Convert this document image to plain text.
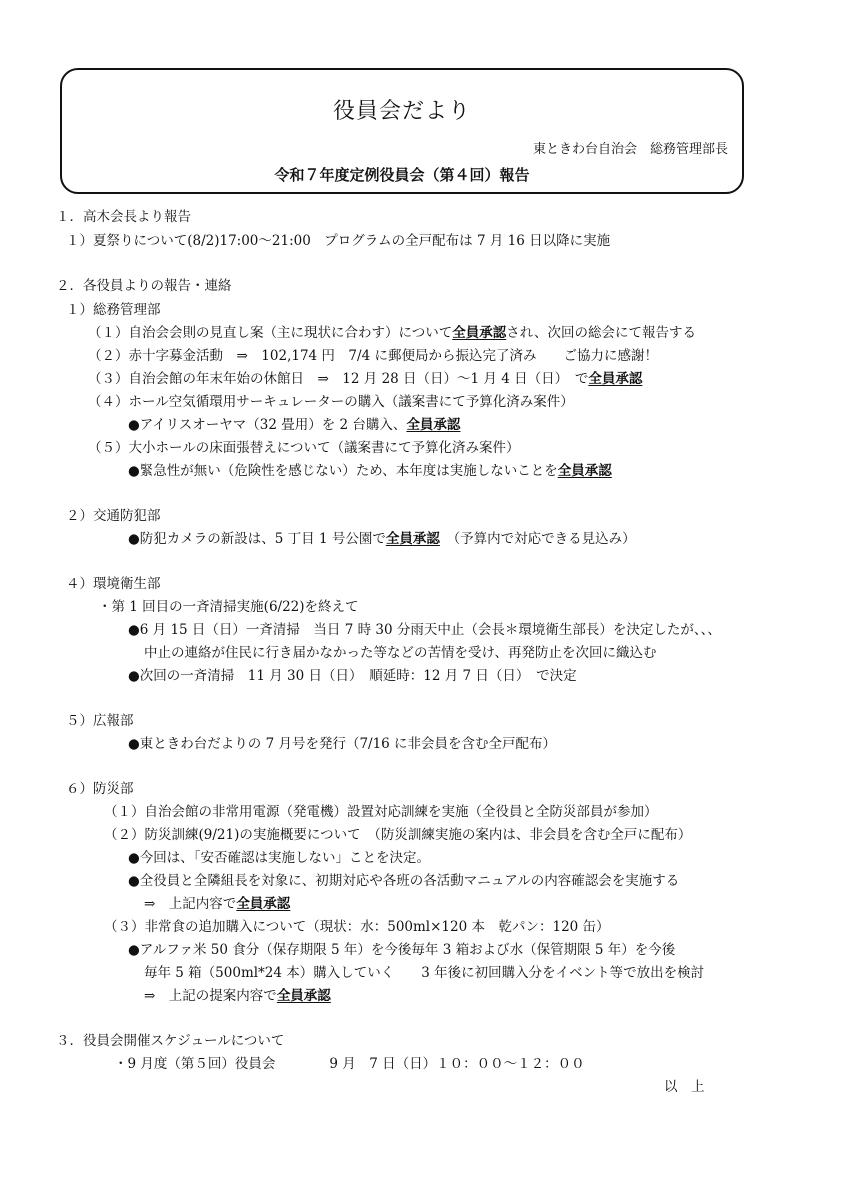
役員会だより
東ときわ台自治会　総務管理部長
令和７年度定例役員会（第４回）報告
１．高木会長より報告
１）夏祭りについて(8/2)17:00～21:00　プログラムの全戸配布は 7 月 16 日以降に実施
２．各役員よりの報告・連絡
１）総務管理部
（１）自治会会則の見直し案（主に現状に合わす）について全員承認され、次回の総会にて報告する
（２）赤十字募金活動　⇒　102,174 円　7/4 に郵便局から振込完了済み　　ご協力に感謝！
（３）自治会館の年末年始の休館日　⇒　12 月 28 日（日）～1 月 4 日（日）　で全員承認
（４）ホール空気循環用サーキュレーターの購入（議案書にて予算化済み案件）
●アイリスオーヤマ（32 畳用）を 2 台購入、全員承認
（５）大小ホールの床面張替えについて（議案書にて予算化済み案件）
●緊急性が無い（危険性を感じない）ため、本年度は実施しないことを全員承認
２）交通防犯部
●防犯カメラの新設は、5 丁目 1 号公園で全員承認　（予算内で対応できる見込み）
４）環境衛生部
・第 1 回目の一斉清掃実施(6/22)を終えて
●6 月 15 日（日）一斉清掃　当日 7 時 30 分雨天中止（会長＊環境衛生部長）を決定したが、、、
中止の連絡が住民に行き届かなかった等などの苦情を受け、再発防止を次回に織込む
●次回の一斉清掃　11 月 30 日（日）　順延時：12 月 7 日（日）　で決定
５）広報部
●東ときわ台だよりの 7 月号を発行（7/16 に非会員を含む全戸配布）
６）防災部
（１）自治会館の非常用電源（発電機）設置対応訓練を実施（全役員と全防災部員が参加）
（２）防災訓練(9/21)の実施概要について　（防災訓練実施の案内は、非会員を含む全戸に配布）
●今回は、「安否確認は実施しない」ことを決定。
●全役員と全隣組長を対象に、初期対応や各班の各活動マニュアルの内容確認会を実施する
⇒　上記内容で全員承認
（３）非常食の追加購入について（現状：水：500ml×120 本　乾パン：120 缶）
●アルファ米 50 食分（保存期限 5 年）を今後毎年 3 箱および水（保管期限 5 年）を今後
毎年 5 箱（500ml*24 本）購入していく　　3 年後に初回購入分をイベント等で放出を検討
⇒　上記の提案内容で全員承認
３．役員会開催スケジュールについて
・9 月度（第５回）役員会　　　　9 月　7 日（日）１０：００～１２：００
以　上
